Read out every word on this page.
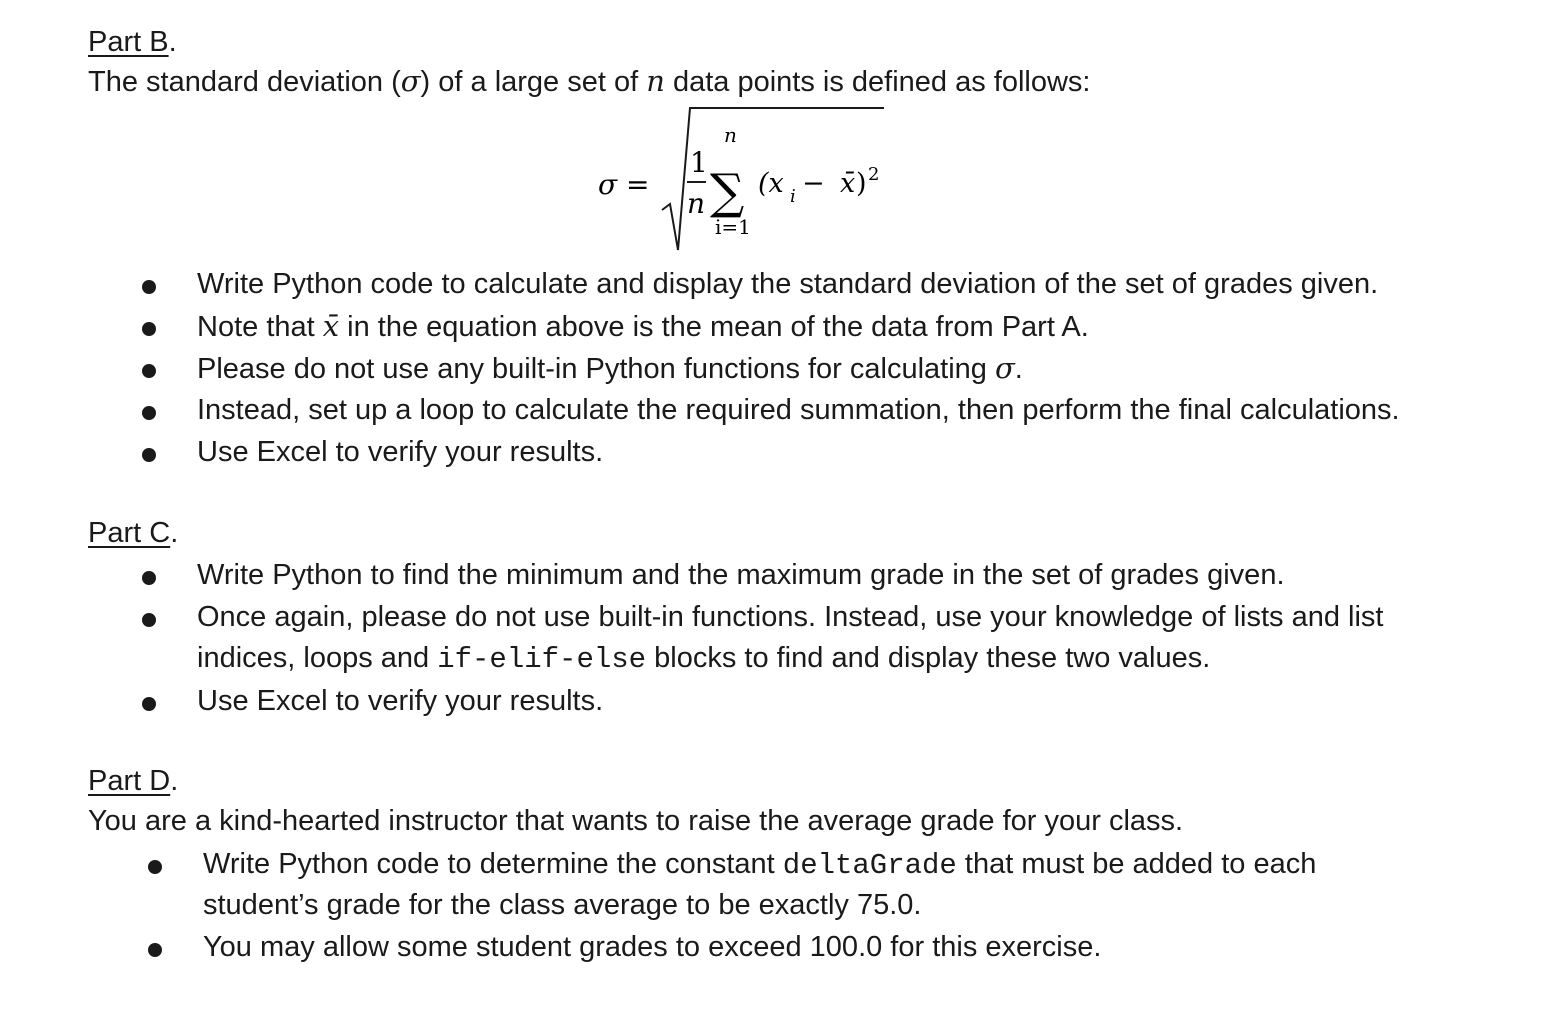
Part B.
The standard deviation (σ) of a large set of n data points is defined as follows:
σ =
1
n
n
∑
i=1
(x i − x̄ ) 2
Write Python code to calculate and display the standard deviation of the set of grades given.
Note that x̄ in the equation above is the mean of the data from Part A.
Please do not use any built-in Python functions for calculating σ.
Instead, set up a loop to calculate the required summation, then perform the final calculations.
Use Excel to verify your results.
Part C.
Write Python to find the minimum and the maximum grade in the set of grades given.
Once again, please do not use built-in functions. Instead, use your knowledge of lists and list
indices, loops and if-elif-else blocks to find and display these two values.
Use Excel to verify your results.
Part D.
You are a kind-hearted instructor that wants to raise the average grade for your class.
Write Python code to determine the constant deltaGrade that must be added to each
student’s grade for the class average to be exactly 75.0.
You may allow some student grades to exceed 100.0 for this exercise.
